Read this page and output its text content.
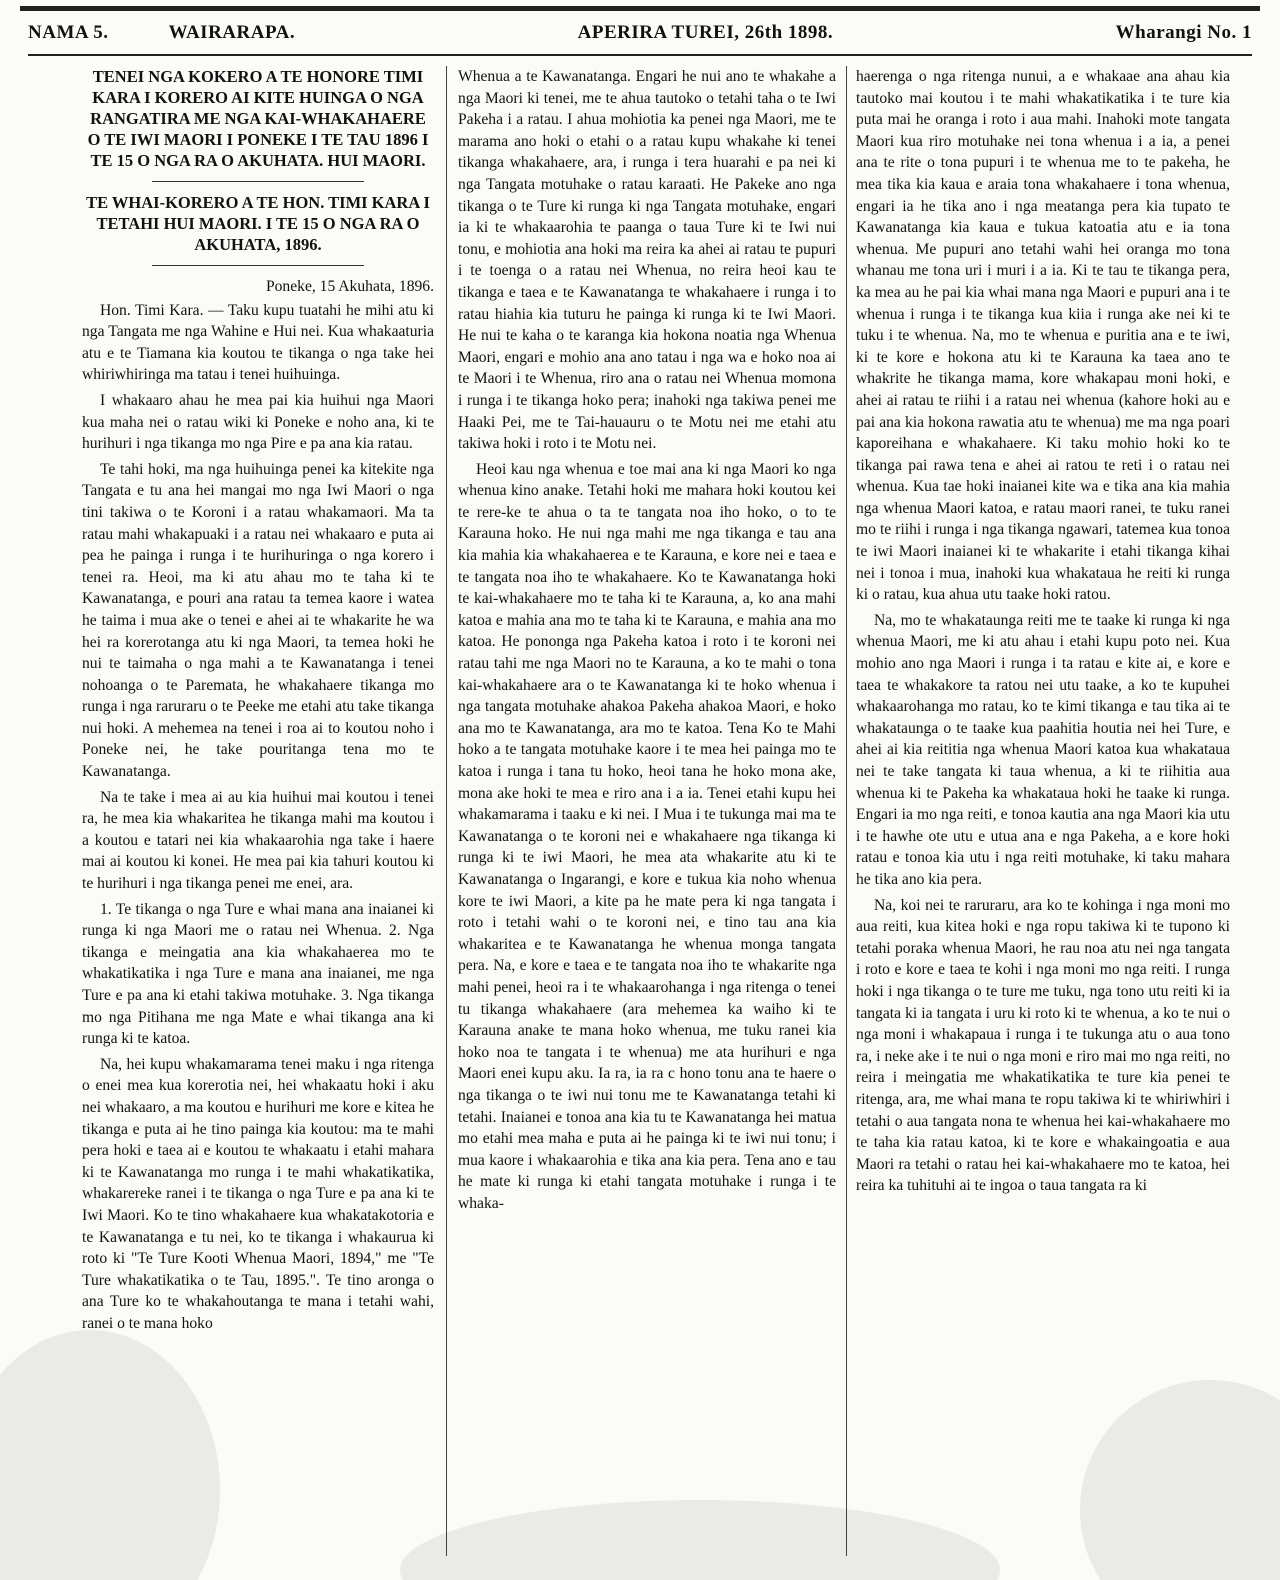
NAMA 5.	WAIRARAPA.	APERIRA TUREI, 26th 1898.	Wharangi No. 1
TENEI NGA KOKERO A TE HONORE TIMI KARA I KORERO AI KITE HUINGA O NGA RANGATIRA ME NGA KAI-WHAKAHAERE O TE IWI MAORI I PONEKE I TE TAU 1896 I TE 15 O NGA RA O AKUHATA. HUI MAORI.
TE WHAI-KORERO A TE HON. TIMI KARA I TETAHI HUI MAORI. I TE 15 O NGA RA O AKUHATA, 1896.
Poneke, 15 Akuhata, 1896.

Hon. Timi Kara. — Taku kupu tuatahi he mihi atu ki nga Tangata me nga Wahine e Hui nei. Kua whakaaturia atu e te Tiamana kia koutou te tikanga o nga take hei whiriwhiringa ma tatau i tenei huihuinga.

I whakaaro ahau he mea pai kia huihui nga Maori kua maha nei o ratau wiki ki Poneke e noho ana, ki te hurihuri i nga tikanga mo nga Pire e pa ana kia ratau.

Te tahi hoki, ma nga huihuinga penei ka kitekite nga Tangata e tu ana hei mangai mo nga Iwi Maori o nga tini takiwa o te Koroni i a ratau whakamaori. Ma ta ratau mahi whakapuaki i a ratau nei whakaaro e puta ai pea he painga i runga i te hurihuringa o nga korero i tenei ra. Heoi, ma ki atu ahau mo te taha ki te Kawanatanga, e pouri ana ratau ta temea kaore i watea he taima i mua ake o tenei e ahei ai te whakarite he wa hei ra korerotanga atu ki nga Maori, ta temea hoki he nui te taimaha o nga mahi a te Kawanatanga i tenei nohoanga o te Paremata, he whakahaere tikanga mo runga i nga raruraru o te Peeke me etahi atu take tikanga nui hoki. A mehemea na tenei i roa ai to koutou noho i Poneke nei, he take pouritanga tena mo te Kawanatanga.

Na te take i mea ai au kia huihui mai koutou i tenei ra, he mea kia whakaritea he tikanga mahi ma koutou i a koutou e tatari nei kia whakaarohia nga take i haere mai ai koutou ki konei. He mea pai kia tahuri koutou ki te hurihuri i nga tikanga penei me enei, ara.

1. Te tikanga o nga Ture e whai mana ana inaianei ki runga ki nga Maori me o ratau nei Whenua. 2. Nga tikanga e meingatia ana kia whakahaerea mo te whakatikatika i nga Ture e mana ana inaianei, me nga Ture e pa ana ki etahi takiwa motuhake. 3. Nga tikanga mo nga Pitihana me nga Mate e whai tikanga ana ki runga ki te katoa.

Na, hei kupu whakamarama tenei maku i nga ritenga o enei mea kua korerotia nei, hei whakaatu hoki i aku nei whakaaro, a ma koutou e hurihuri me kore e kitea he tikanga e puta ai he tino painga kia koutou: ma te mahi pera hoki e taea ai e koutou te whakaatu i etahi mahara ki te Kawanatanga mo runga i te mahi whakatikatika, whakarereke ranei i te tikanga o nga Ture e pa ana ki te Iwi Maori. Ko te tino whakahaere kua whakatakotoria e te Kawanatanga e tu nei, ko te tikanga i whakaurua ki roto ki "Te Ture Kooti Whenua Maori, 1894," me "Te Ture whakatikatika o te Tau, 1895.". Te tino aronga o ana Ture ko te whakahoutanga te mana i tetahi wahi, ranei o te mana hoko

Whenua a te Kawanatanga. Engari he nui ano te whakahe a nga Maori ki tenei, me te ahua tautoko o tetahi taha o te Iwi Pakeha i a ratau. I ahua mohiotia ka penei nga Maori, me te marama ano hoki o etahi o a ratau kupu whakahe ki tenei tikanga whakahaere, ara, i runga i tera huarahi e pa nei ki nga Tangata motuhake o ratau karaati. He Pakeke ano nga tikanga o te Ture ki runga ki nga Tangata motuhake, engari ia ki te whakaarohia te paanga o taua Ture ki te Iwi nui tonu, e mohiotia ana hoki ma reira ka ahei ai ratau te pupuri i te toenga o a ratau nei Whenua, no reira heoi kau te tikanga e taea e te Kawanatanga te whakahaere i runga i to ratau hiahia kia tuturu he painga ki runga ki te Iwi Maori. He nui te kaha o te karanga kia hokona noatia nga Whenua Maori, engari e mohio ana ano tatau i nga wa e hoko noa ai te Maori i te Whenua, riro ana o ratau nei Whenua momona i runga i te tikanga hoko pera; inahoki nga takiwa penei me Haaki Pei, me te Tai-hauauru o te Motu nei me etahi atu takiwa hoki i roto i te Motu nei.

Heoi kau nga whenua e toe mai ana ki nga Maori ko nga whenua kino anake. Tetahi hoki me mahara hoki koutou kei te rere-ke te ahua o ta te tangata noa iho hoko, o to te Karauna hoko. He nui nga mahi me nga tikanga e tau ana kia mahia kia whakahaerea e te Karauna, e kore nei e taea e te tangata noa iho te whakahaere. Ko te Kawanatanga hoki te kai-whakahaere mo te taha ki te Karauna, a, ko ana mahi katoa e mahia ana mo te taha ki te Karauna, e mahia ana mo katoa. He pononga nga Pakeha katoa i roto i te koroni nei ratau tahi me nga Maori no te Karauna, a ko te mahi o tona kai-whakahaere ara o te Kawanatanga ki te hoko whenua i nga tangata motuhake ahakoa Pakeha ahakoa Maori, e hoko ana mo te Kawanatanga, ara mo te katoa. Tena Ko te Mahi hoko a te tangata motuhake kaore i te mea hei painga mo te katoa i runga i tana tu hoko, heoi tana he hoko mona ake, mona ake hoki te mea e riro ana i a ia. Tenei etahi kupu hei whakamarama i taaku e ki nei. I Mua i te tukunga mai ma te Kawanatanga o te koroni nei e whakahaere nga tikanga ki runga ki te iwi Maori, he mea ata whakarite atu ki te Kawanatanga o Ingarangi, e kore e tukua kia noho whenua kore te iwi Maori, a kite pa he mate pera ki nga tangata i roto i tetahi wahi o te koroni nei, e tino tau ana kia whakaritea e te Kawanatanga he whenua monga tangata pera. Na, e kore e taea e te tangata noa iho te whakarite nga mahi penei, heoi ra i te whakaarohanga i nga ritenga o tenei tu tikanga whakahaere (ara mehemea ka waiho ki te Karauna anake te mana hoko whenua, me tuku ranei kia hoko noa te tangata i te whenua) me ata hurihuri e nga Maori enei kupu aku. Ia ra, ia ra c hono tonu ana te haere o nga tikanga o te iwi nui tonu me te Kawanatanga tetahi ki tetahi. Inaianei e tonoa ana kia tu te Kawanatanga hei matua mo etahi mea maha e puta ai he painga ki te iwi nui tonu; i mua kaore i whakaarohia e tika ana kia pera. Tena ano e tau he mate ki runga ki etahi tangata motuhake i runga i te whaka-

haerenga o nga ritenga nunui, a e whakaae ana ahau kia tautoko mai koutou i te mahi whakatikatika i te ture kia puta mai he oranga i roto i aua mahi. Inahoki mote tangata Maori kua riro motuhake nei tona whenua i a ia, a penei ana te rite o tona pupuri i te whenua me to te pakeha, he mea tika kia kaua e araia tona whakahaere i tona whenua, engari ia he tika ano i nga meatanga pera kia tupato te Kawanatanga kia kaua e tukua katoatia atu e ia tona whenua. Me pupuri ano tetahi wahi hei oranga mo tona whanau me tona uri i muri i a ia. Ki te tau te tikanga pera, ka mea au he pai kia whai mana nga Maori e pupuri ana i te whenua i runga i te tikanga kua kiia i runga ake nei ki te tuku i te whenua. Na, mo te whenua e puritia ana e te iwi, ki te kore e hokona atu ki te Karauna ka taea ano te whakrite he tikanga mama, kore whakapau moni hoki, e ahei ai ratau te riihi i a ratau nei whenua (kahore hoki au e pai ana kia hokona rawatia atu te whenua) me ma nga poari kaporeihana e whakahaere. Ki taku mohio hoki ko te tikanga pai rawa tena e ahei ai ratou te reti i o ratau nei whenua. Kua tae hoki inaianei kite wa e tika ana kia mahia nga whenua Maori katoa, e ratau maori ranei, te tuku ranei mo te riihi i runga i nga tikanga ngawari, tatemea kua tonoa te iwi Maori inaianei ki te whakarite i etahi tikanga kihai nei i tonoa i mua, inahoki kua whakataua he reiti ki runga ki o ratau, kua ahua utu taake hoki ratou.

Na, mo te whakataunga reiti me te taake ki runga ki nga whenua Maori, me ki atu ahau i etahi kupu poto nei. Kua mohio ano nga Maori i runga i ta ratau e kite ai, e kore e taea te whakakore ta ratou nei utu taake, a ko te kupuhei whakaarohanga mo ratau, ko te kimi tikanga e tau tika ai te whakataunga o te taake kua paahitia houtia nei hei Ture, e ahei ai kia reititia nga whenua Maori katoa kua whakataua nei te take tangata ki taua whenua, a ki te riihitia aua whenua ki te Pakeha ka whakataua hoki he taake ki runga. Engari ia mo nga reiti, e tonoa kautia ana nga Maori kia utu i te hawhe ote utu e utua ana e nga Pakeha, a e kore hoki ratau e tonoa kia utu i nga reiti motuhake, ki taku mahara he tika ano kia pera.

Na, koi nei te raruraru, ara ko te kohinga i nga moni mo aua reiti, kua kitea hoki e nga ropu takiwa ki te tupono ki tetahi poraka whenua Maori, he rau noa atu nei nga tangata i roto e kore e taea te kohi i nga moni mo nga reiti. I runga hoki i nga tikanga o te ture me tuku, nga tono utu reiti ki ia tangata ki ia tangata i uru ki roto ki te whenua, a ko te nui o nga moni i whakapaua i runga i te tukunga atu o aua tono ra, i neke ake i te nui o nga moni e riro mai mo nga reiti, no reira i meingatia me whakatikatika te ture kia penei te ritenga, ara, me whai mana te ropu takiwa ki te whiriwhiri i tetahi o aua tangata nona te whenua hei kai-whakahaere mo te taha kia ratau katoa, ki te kore e whakaingoatia e aua Maori ra tetahi o ratau hei kai-whakahaere mo te katoa, hei reira ka tuhituhi ai te ingoa o taua tangata ra ki
